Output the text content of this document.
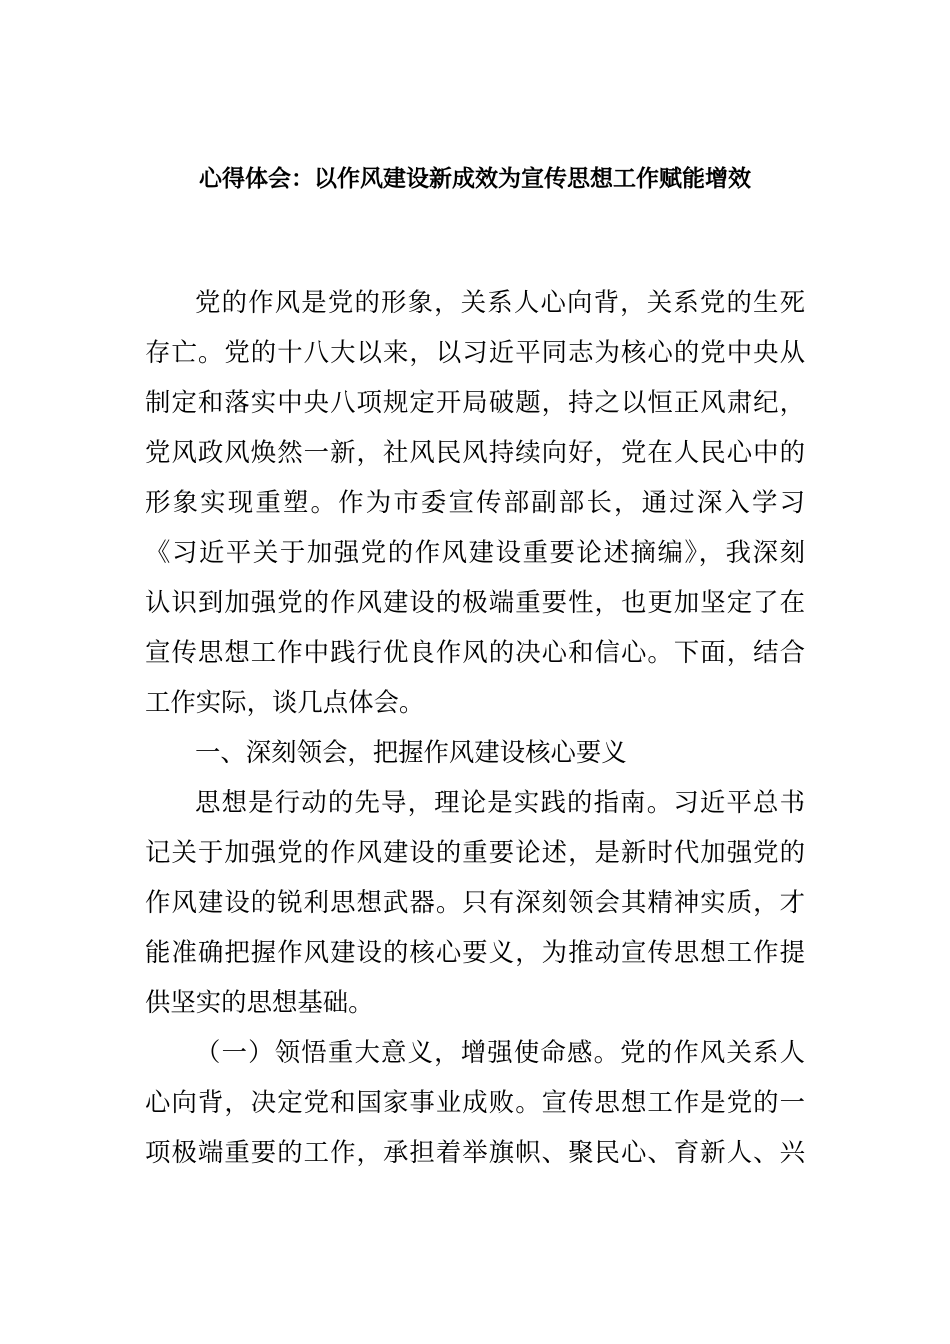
心得体会：以作风建设新成效为宣传思想工作赋能增效
党的作风是党的形象，关系人心向背，关系党的生死
存亡。党的十八大以来，以习近平同志为核心的党中央从
制定和落实中央八项规定开局破题，持之以恒正风肃纪，
党风政风焕然一新，社风民风持续向好，党在人民心中的
形象实现重塑。作为市委宣传部副部长，通过深入学习
《习近平关于加强党的作风建设重要论述摘编》，我深刻
认识到加强党的作风建设的极端重要性，也更加坚定了在
宣传思想工作中践行优良作风的决心和信心。下面，结合
工作实际，谈几点体会。
一、深刻领会，把握作风建设核心要义
思想是行动的先导，理论是实践的指南。习近平总书
记关于加强党的作风建设的重要论述，是新时代加强党的
作风建设的锐利思想武器。只有深刻领会其精神实质，才
能准确把握作风建设的核心要义，为推动宣传思想工作提
供坚实的思想基础。
（一）领悟重大意义，增强使命感。党的作风关系人
心向背，决定党和国家事业成败。宣传思想工作是党的一
项极端重要的工作，承担着举旗帜、聚民心、育新人、兴
